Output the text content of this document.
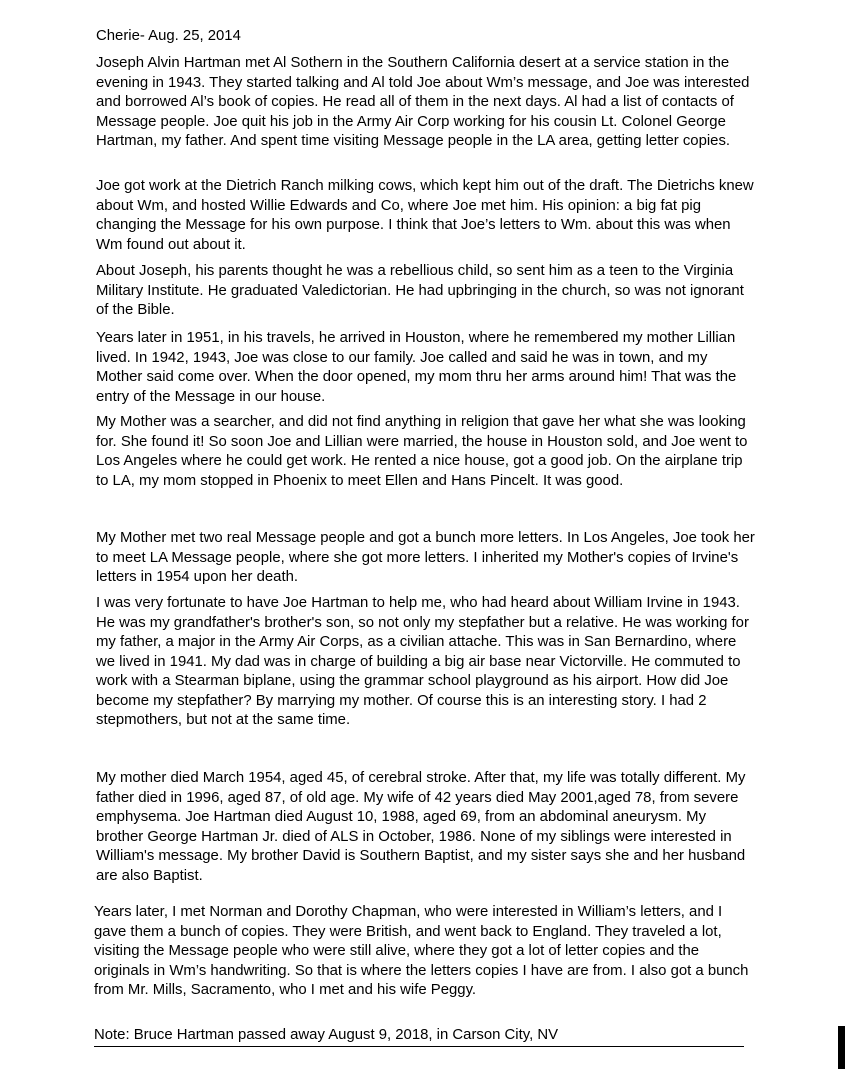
Cherie- Aug. 25, 2014

Joseph Alvin Hartman met Al Sothern in the Southern California desert at a service station in the evening in 1943. They started talking and Al told Joe about Wm’s message, and Joe was interested and borrowed Al’s book of copies. He read all of them in the next days. Al had a list of contacts of Message people. Joe quit his job in the Army Air Corp working for his cousin Lt. Colonel George Hartman, my father. And spent time visiting Message people in the LA area, getting letter copies.

Joe got work at the Dietrich Ranch milking cows, which kept him out of the draft. The Dietrichs knew about Wm, and hosted Willie Edwards and Co, where Joe met him. His opinion: a big fat pig changing the Message for his own purpose. I think that Joe’s letters to Wm. about this was when Wm found out about it.

About Joseph, his parents thought he was a rebellious child, so sent him as a teen to the Virginia Military Institute. He graduated Valedictorian. He had upbringing in the church, so was not ignorant of the Bible.

Years later in 1951, in his travels, he arrived in Houston, where he remembered my mother Lillian lived. In 1942, 1943, Joe was close to our family. Joe called and said he was in town, and my Mother said come over. When the door opened, my mom thru her arms around him! That was the entry of the Message in our house.

My Mother was a searcher, and did not find anything in religion that gave her what she was looking for. She found it! So soon Joe and Lillian were married, the house in Houston sold, and Joe went to Los Angeles where he could get work. He rented a nice house, got a good job. On the airplane trip to LA, my mom stopped in Phoenix to meet Ellen and Hans Pincelt. It was good.

My Mother met two real Message people and got a bunch more letters. In Los Angeles, Joe took her to meet LA Message people, where she got more letters. I inherited my Mother's copies of Irvine's letters in 1954 upon her death.

I was very fortunate to have Joe Hartman to help me, who had heard about William Irvine in 1943. He was my grandfather's brother's son, so not only my stepfather but a relative. He was working for my father, a major in the Army Air Corps, as a civilian attache. This was in San Bernardino, where we lived in 1941. My dad was in charge of building a big air base near Victorville. He commuted to work with a Stearman biplane, using the grammar school playground as his airport. How did Joe become my stepfather? By marrying my mother. Of course this is an interesting story. I had 2 stepmothers, but not at the same time.

My mother died March 1954, aged 45, of cerebral stroke. After that, my life was totally different. My father died in 1996, aged 87, of old age. My wife of 42 years died May 2001,aged 78, from severe emphysema. Joe Hartman died August 10, 1988, aged 69, from an abdominal aneurysm. My brother George Hartman Jr. died of ALS in October, 1986. None of my siblings were interested in William's message. My brother David is Southern Baptist, and my sister says she and her husband are also Baptist.

Years later, I met Norman and Dorothy Chapman, who were interested in William’s letters, and I gave them a bunch of copies. They were British, and went back to England. They traveled a lot, visiting the Message people who were still alive, where they got a lot of letter copies and the originals in Wm’s handwriting. So that is where the letters copies I have are from. I also got a bunch from Mr. Mills, Sacramento, who I met and his wife Peggy.

Note: Bruce Hartman passed away August 9, 2018, in Carson City, NV
